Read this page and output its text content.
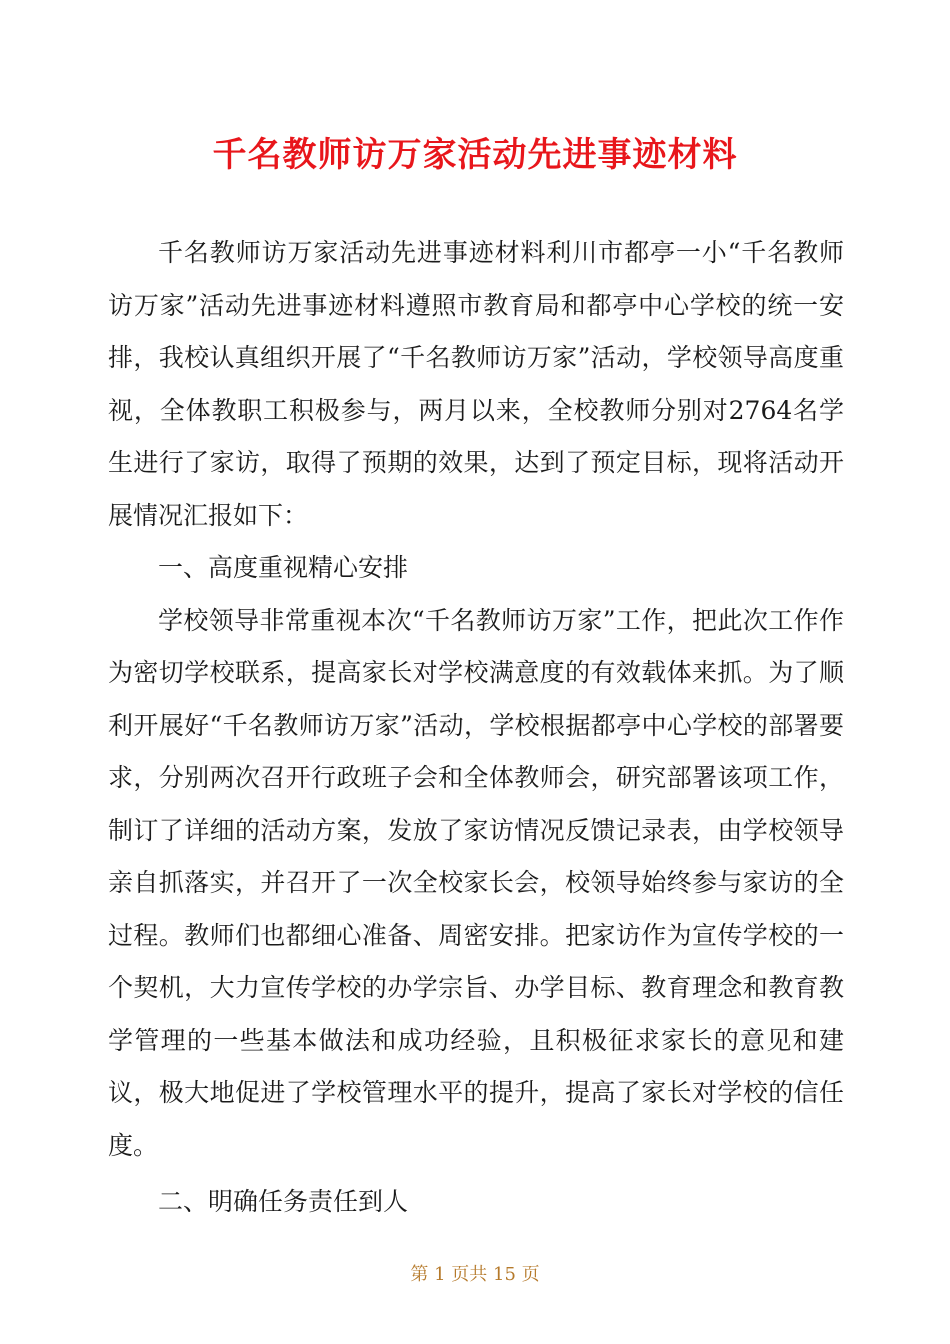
千名教师访万家活动先进事迹材料

千名教师访万家活动先进事迹材料利川市都亭一小“千名教师访万家”活动先进事迹材料遵照市教育局和都亭中心学校的统一安排，我校认真组织开展了“千名教师访万家”活动，学校领导高度重视，全体教职工积极参与，两月以来，全校教师分别对2764名学生进行了家访，取得了预期的效果，达到了预定目标，现将活动开展情况汇报如下：

一、高度重视精心安排

学校领导非常重视本次“千名教师访万家”工作，把此次工作作为密切学校联系，提高家长对学校满意度的有效载体来抓。为了顺利开展好“千名教师访万家”活动，学校根据都亭中心学校的部署要求，分别两次召开行政班子会和全体教师会，研究部署该项工作，制订了详细的活动方案，发放了家访情况反馈记录表，由学校领导亲自抓落实，并召开了一次全校家长会，校领导始终参与家访的全过程。教师们也都细心准备、周密安排。把家访作为宣传学校的一个契机，大力宣传学校的办学宗旨、办学目标、教育理念和教育教学管理的一些基本做法和成功经验，且积极征求家长的意见和建议，极大地促进了学校管理水平的提升，提高了家长对学校的信任度。

二、明确任务责任到人

第 1 页共 15 页
